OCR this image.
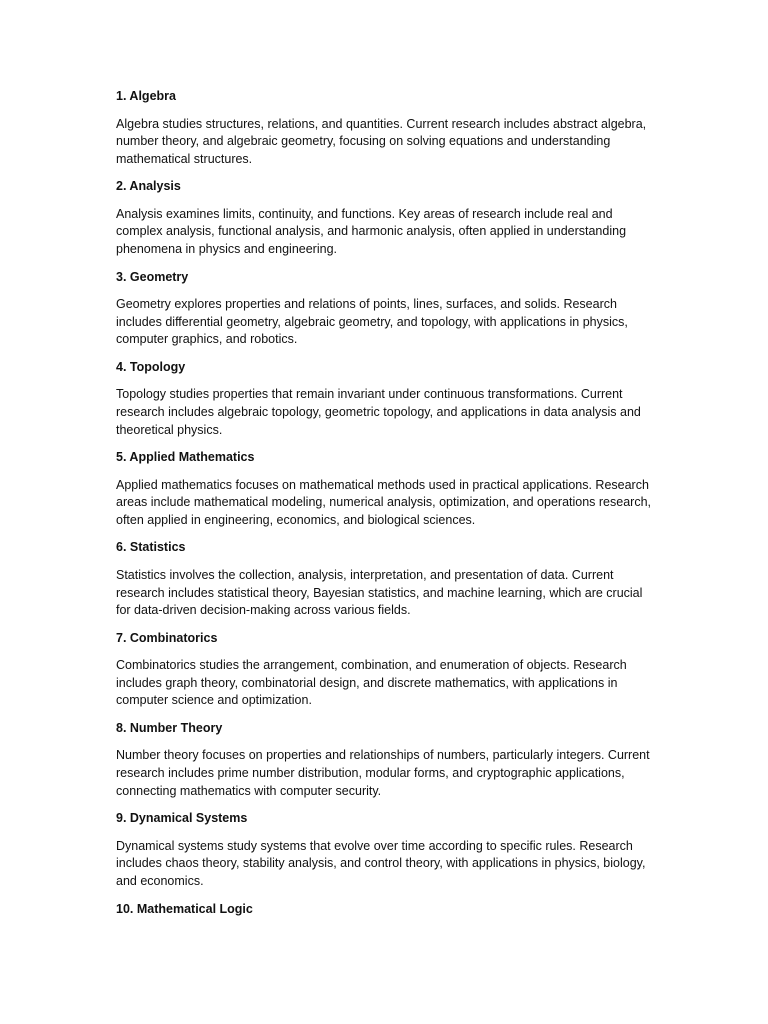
1. Algebra

Algebra studies structures, relations, and quantities. Current research includes abstract algebra, number theory, and algebraic geometry, focusing on solving equations and understanding mathematical structures.

2. Analysis

Analysis examines limits, continuity, and functions. Key areas of research include real and complex analysis, functional analysis, and harmonic analysis, often applied in understanding phenomena in physics and engineering.

3. Geometry

Geometry explores properties and relations of points, lines, surfaces, and solids. Research includes differential geometry, algebraic geometry, and topology, with applications in physics, computer graphics, and robotics.

4. Topology

Topology studies properties that remain invariant under continuous transformations. Current research includes algebraic topology, geometric topology, and applications in data analysis and theoretical physics.

5. Applied Mathematics

Applied mathematics focuses on mathematical methods used in practical applications. Research areas include mathematical modeling, numerical analysis, optimization, and operations research, often applied in engineering, economics, and biological sciences.

6. Statistics

Statistics involves the collection, analysis, interpretation, and presentation of data. Current research includes statistical theory, Bayesian statistics, and machine learning, which are crucial for data-driven decision-making across various fields.

7. Combinatorics

Combinatorics studies the arrangement, combination, and enumeration of objects. Research includes graph theory, combinatorial design, and discrete mathematics, with applications in computer science and optimization.

8. Number Theory

Number theory focuses on properties and relationships of numbers, particularly integers. Current research includes prime number distribution, modular forms, and cryptographic applications, connecting mathematics with computer security.

9. Dynamical Systems

Dynamical systems study systems that evolve over time according to specific rules. Research includes chaos theory, stability analysis, and control theory, with applications in physics, biology, and economics.

10. Mathematical Logic
